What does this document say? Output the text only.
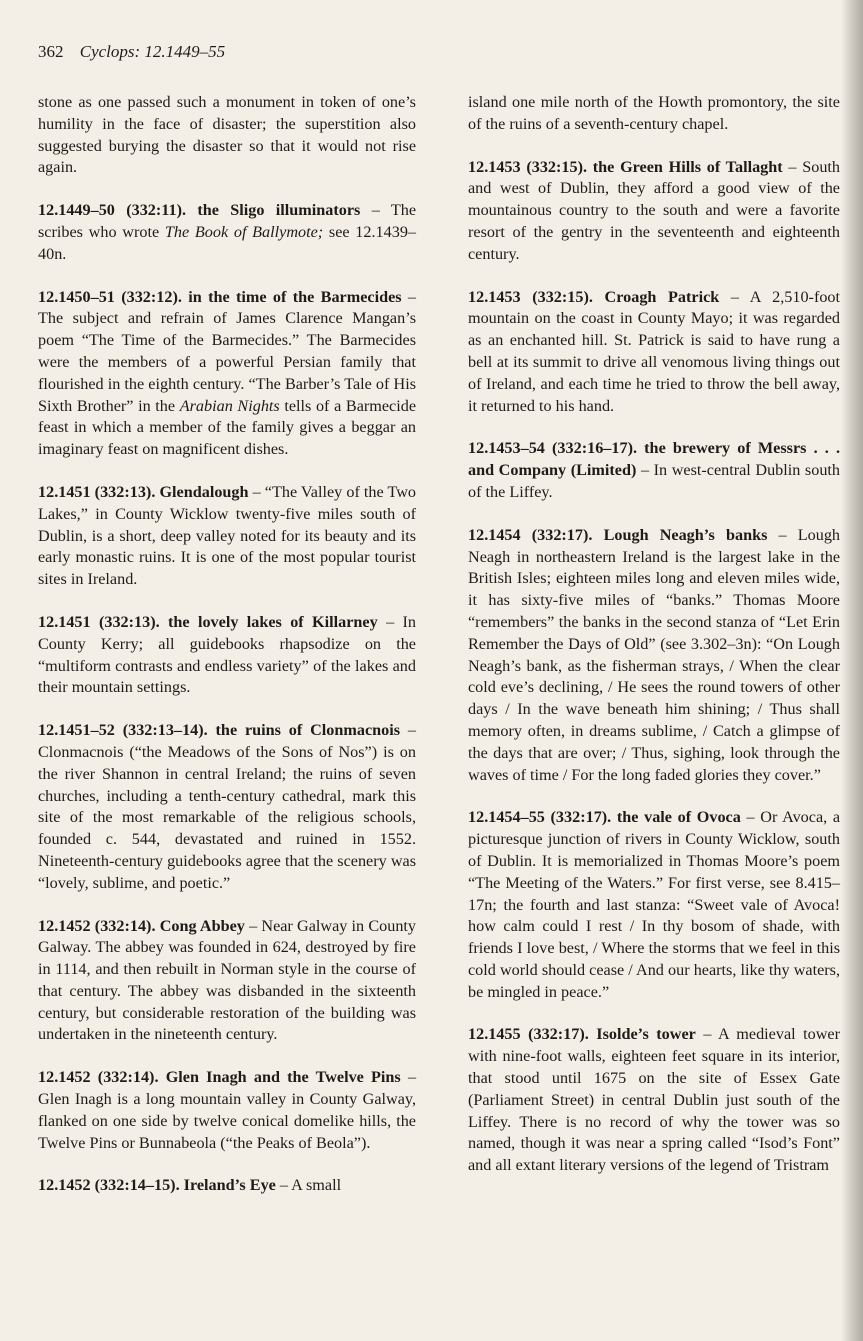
362 Cyclops: 12.1449–55

stone as one passed such a monument in token of one’s humility in the face of disaster; the superstition also suggested burying the disaster so that it would not rise again.

12.1449–50 (332:11). the Sligo illuminators – The scribes who wrote The Book of Ballymote; see 12.1439–40n.

12.1450–51 (332:12). in the time of the Barmecides – The subject and refrain of James Clarence Mangan’s poem “The Time of the Barmecides.” The Barmecides were the members of a powerful Persian family that flourished in the eighth century. “The Barber’s Tale of His Sixth Brother” in the Arabian Nights tells of a Barmecide feast in which a member of the family gives a beggar an imaginary feast on magnificent dishes.

12.1451 (332:13). Glendalough – “The Valley of the Two Lakes,” in County Wicklow twenty-five miles south of Dublin, is a short, deep valley noted for its beauty and its early monastic ruins. It is one of the most popular tourist sites in Ireland.

12.1451 (332:13). the lovely lakes of Killarney – In County Kerry; all guidebooks rhapsodize on the “multiform contrasts and endless variety” of the lakes and their mountain settings.

12.1451–52 (332:13–14). the ruins of Clonmacnois – Clonmacnois (“the Meadows of the Sons of Nos”) is on the river Shannon in central Ireland; the ruins of seven churches, including a tenth-century cathedral, mark this site of the most remarkable of the religious schools, founded c. 544, devastated and ruined in 1552. Nineteenth-century guidebooks agree that the scenery was “lovely, sublime, and poetic.”

12.1452 (332:14). Cong Abbey – Near Galway in County Galway. The abbey was founded in 624, destroyed by fire in 1114, and then rebuilt in Norman style in the course of that century. The abbey was disbanded in the sixteenth century, but considerable restoration of the building was undertaken in the nineteenth century.

12.1452 (332:14). Glen Inagh and the Twelve Pins – Glen Inagh is a long mountain valley in County Galway, flanked on one side by twelve conical domelike hills, the Twelve Pins or Bunnabeola (“the Peaks of Beola”).

12.1452 (332:14–15). Ireland’s Eye – A small

island one mile north of the Howth promontory, the site of the ruins of a seventh-century chapel.

12.1453 (332:15). the Green Hills of Tallaght – South and west of Dublin, they afford a good view of the mountainous country to the south and were a favorite resort of the gentry in the seventeenth and eighteenth century.

12.1453 (332:15). Croagh Patrick – A 2,510-foot mountain on the coast in County Mayo; it was regarded as an enchanted hill. St. Patrick is said to have rung a bell at its summit to drive all venomous living things out of Ireland, and each time he tried to throw the bell away, it returned to his hand.

12.1453–54 (332:16–17). the brewery of Messrs . . . and Company (Limited) – In west-central Dublin south of the Liffey.

12.1454 (332:17). Lough Neagh’s banks – Lough Neagh in northeastern Ireland is the largest lake in the British Isles; eighteen miles long and eleven miles wide, it has sixty-five miles of “banks.” Thomas Moore “remembers” the banks in the second stanza of “Let Erin Remember the Days of Old” (see 3.302–3n): “On Lough Neagh’s bank, as the fisherman strays, / When the clear cold eve’s declining, / He sees the round towers of other days / In the wave beneath him shining; / Thus shall memory often, in dreams sublime, / Catch a glimpse of the days that are over; / Thus, sighing, look through the waves of time / For the long faded glories they cover.”

12.1454–55 (332:17). the vale of Ovoca – Or Avoca, a picturesque junction of rivers in County Wicklow, south of Dublin. It is memorialized in Thomas Moore’s poem “The Meeting of the Waters.” For first verse, see 8.415–17n; the fourth and last stanza: “Sweet vale of Avoca! how calm could I rest / In thy bosom of shade, with friends I love best, / Where the storms that we feel in this cold world should cease / And our hearts, like thy waters, be mingled in peace.”

12.1455 (332:17). Isolde’s tower – A medieval tower with nine-foot walls, eighteen feet square in its interior, that stood until 1675 on the site of Essex Gate (Parliament Street) in central Dublin just south of the Liffey. There is no record of why the tower was so named, though it was near a spring called “Isod’s Font” and all extant literary versions of the legend of Tristram
